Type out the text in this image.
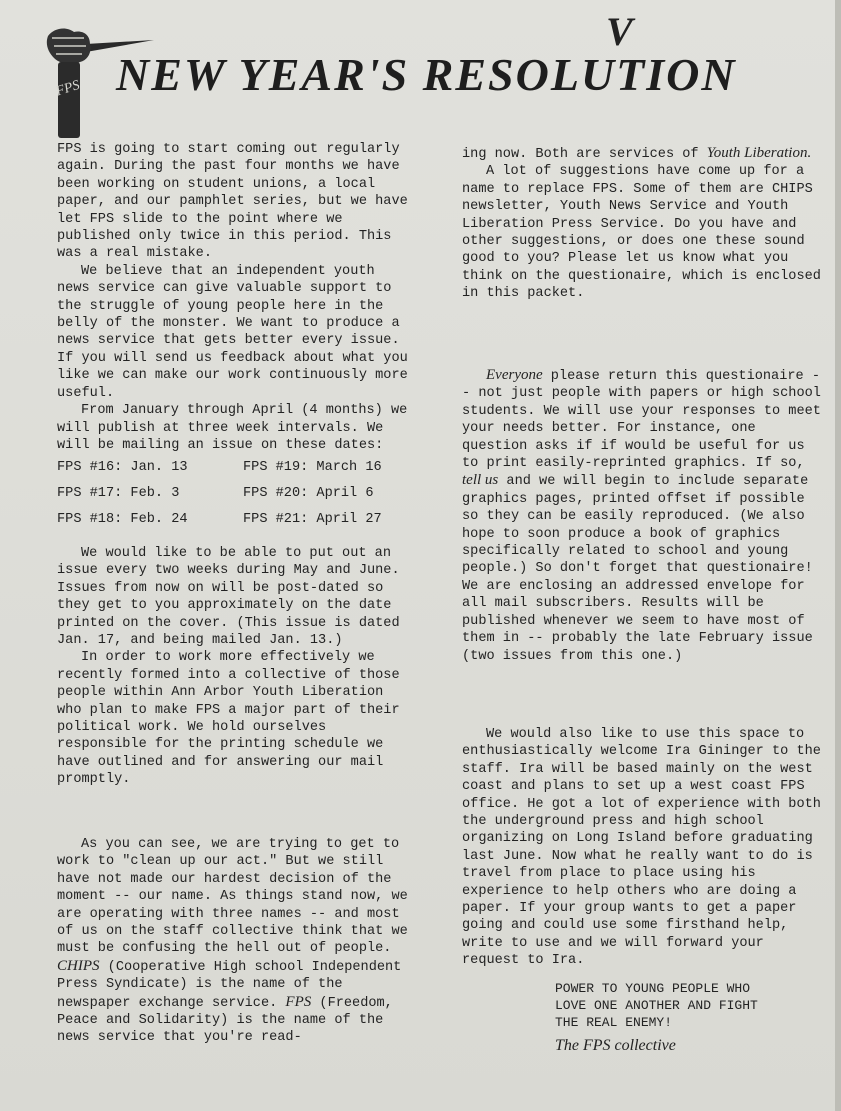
FPS
V
NEW YEAR'S RESOLUTION

FPS is going to start coming out regularly again. During the past four months we have been working on student unions, a local paper, and our pamphlet series, but we have let FPS slide to the point where we published only twice in this period. This was a real mistake.

We believe that an independent youth news service can give valuable support to the struggle of young people here in the belly of the monster. We want to produce a news service that gets better every issue. If you will send us feedback about what you like we can make our work continuously more useful.

From January through April (4 months) we will publish at three week intervals. We will be mailing an issue on these dates:

FPS #16: Jan. 13	FPS #19: March 16
FPS #17: Feb. 3	FPS #20: April 6
FPS #18: Feb. 24	FPS #21: April 27

We would like to be able to put out an issue every two weeks during May and June. Issues from now on will be post-dated so they get to you approximately on the date printed on the cover. (This issue is dated Jan. 17, and being mailed Jan. 13.)

In order to work more effectively we recently formed into a collective of those people within Ann Arbor Youth Liberation who plan to make FPS a major part of their political work. We hold ourselves responsible for the printing schedule we have outlined and for answering our mail promptly.

As you can see, we are trying to get to work to "clean up our act." But we still have not made our hardest decision of the moment -- our name. As things stand now, we are operating with three names -- and most of us on the staff collective think that we must be confusing the hell out of people. CHIPS (Cooperative High school Independent Press Syndicate) is the name of the newspaper exchange service. FPS (Freedom, Peace and Solidarity) is the name of the news service that you're read-

ing now. Both are services of Youth Liberation.

A lot of suggestions have come up for a name to replace FPS. Some of them are CHIPS newsletter, Youth News Service and Youth Liberation Press Service. Do you have and other suggestions, or does one these sound good to you? Please let us know what you think on the questionaire, which is enclosed in this packet.

Everyone please return this questionaire -- not just people with papers or high school students. We will use your responses to meet your needs better. For instance, one question asks if if would be useful for us to print easily-reprinted graphics. If so, tell us and we will begin to include separate graphics pages, printed offset if possible so they can be easily reproduced. (We also hope to soon produce a book of graphics specifically related to school and young people.) So don't forget that questionaire! We are enclosing an addressed envelope for all mail subscribers. Results will be published whenever we seem to have most of them in -- probably the late February issue (two issues from this one.)

We would also like to use this space to enthusiastically welcome Ira Gininger to the staff. Ira will be based mainly on the west coast and plans to set up a west coast FPS office. He got a lot of experience with both the underground press and high school organizing on Long Island before graduating last June. Now what he really want to do is travel from place to place using his experience to help others who are doing a paper. If your group wants to get a paper going and could use some firsthand help, write to use and we will forward your request to Ira.

POWER TO YOUNG PEOPLE WHO
LOVE ONE ANOTHER AND FIGHT
THE REAL ENEMY!
The FPS collective
